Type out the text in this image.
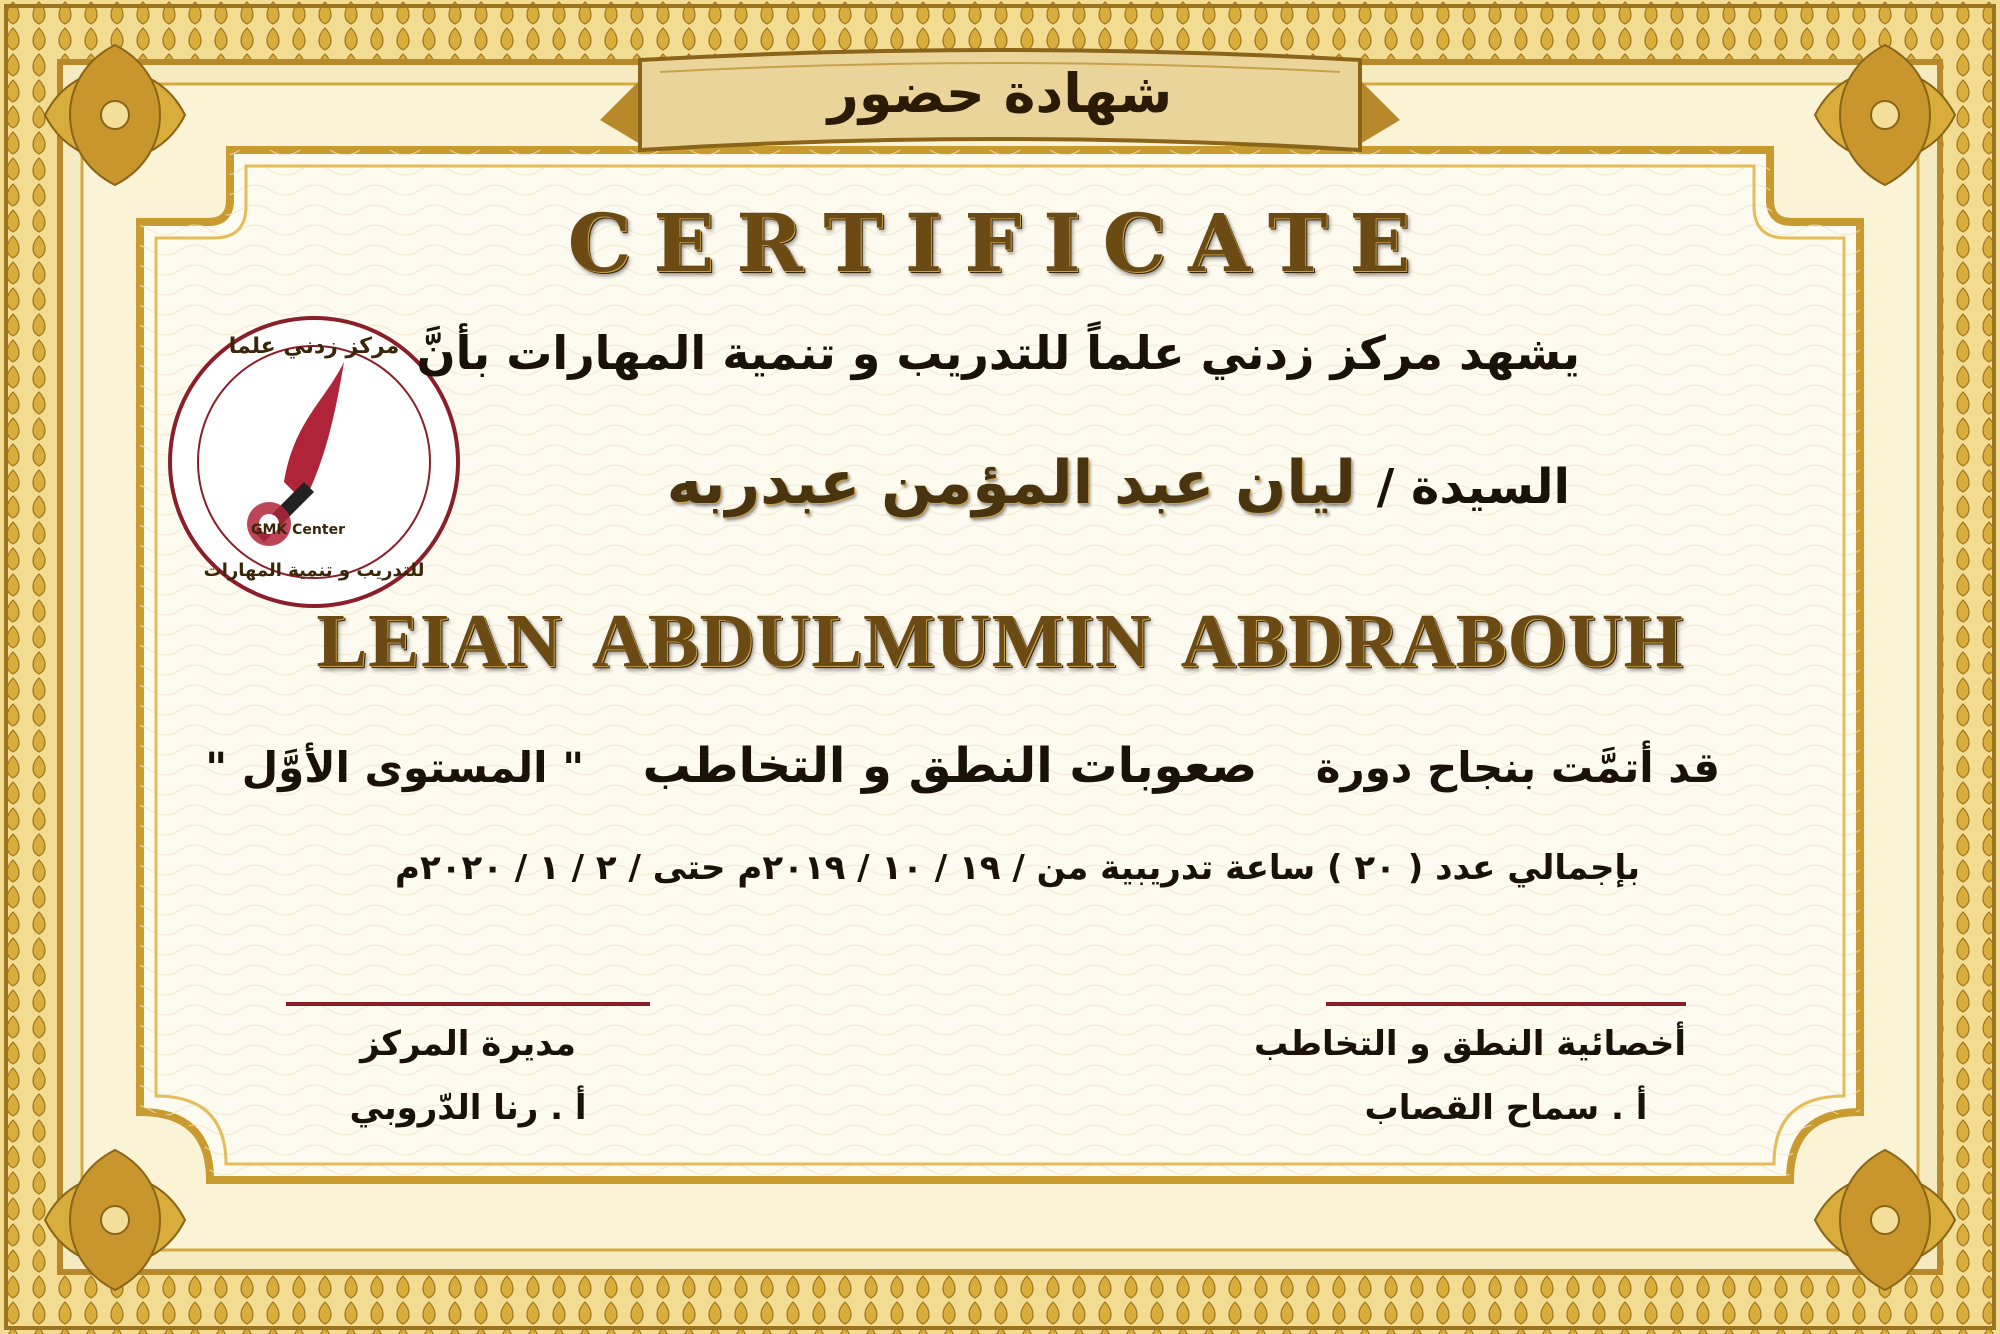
مركز زدني علما
للتدريب و تنمية المهارات
GMK Center
شهادة حضور
CERTIFICATE
يشهد مركز زدني علماً للتدريب و تنمية المهارات بأنَّ
السيدة / ليان عبد المؤمن عبدربه
LEIAN ABDULMUMIN ABDRABOUH
قد أتمَّت بنجاح دورة    صعوبات النطق و التخاطب    " المستوى الأوَّل "
بإجمالي عدد ( ٢٠ ) ساعة تدريبية من / ١٩ / ١٠ / ٢٠١٩م حتى / ٢ / ١ / ٢٠٢٠م
مديرة المركز
أ . رنا الدّروبي
أخصائية النطق و التخاطب
أ . سماح القصاب
